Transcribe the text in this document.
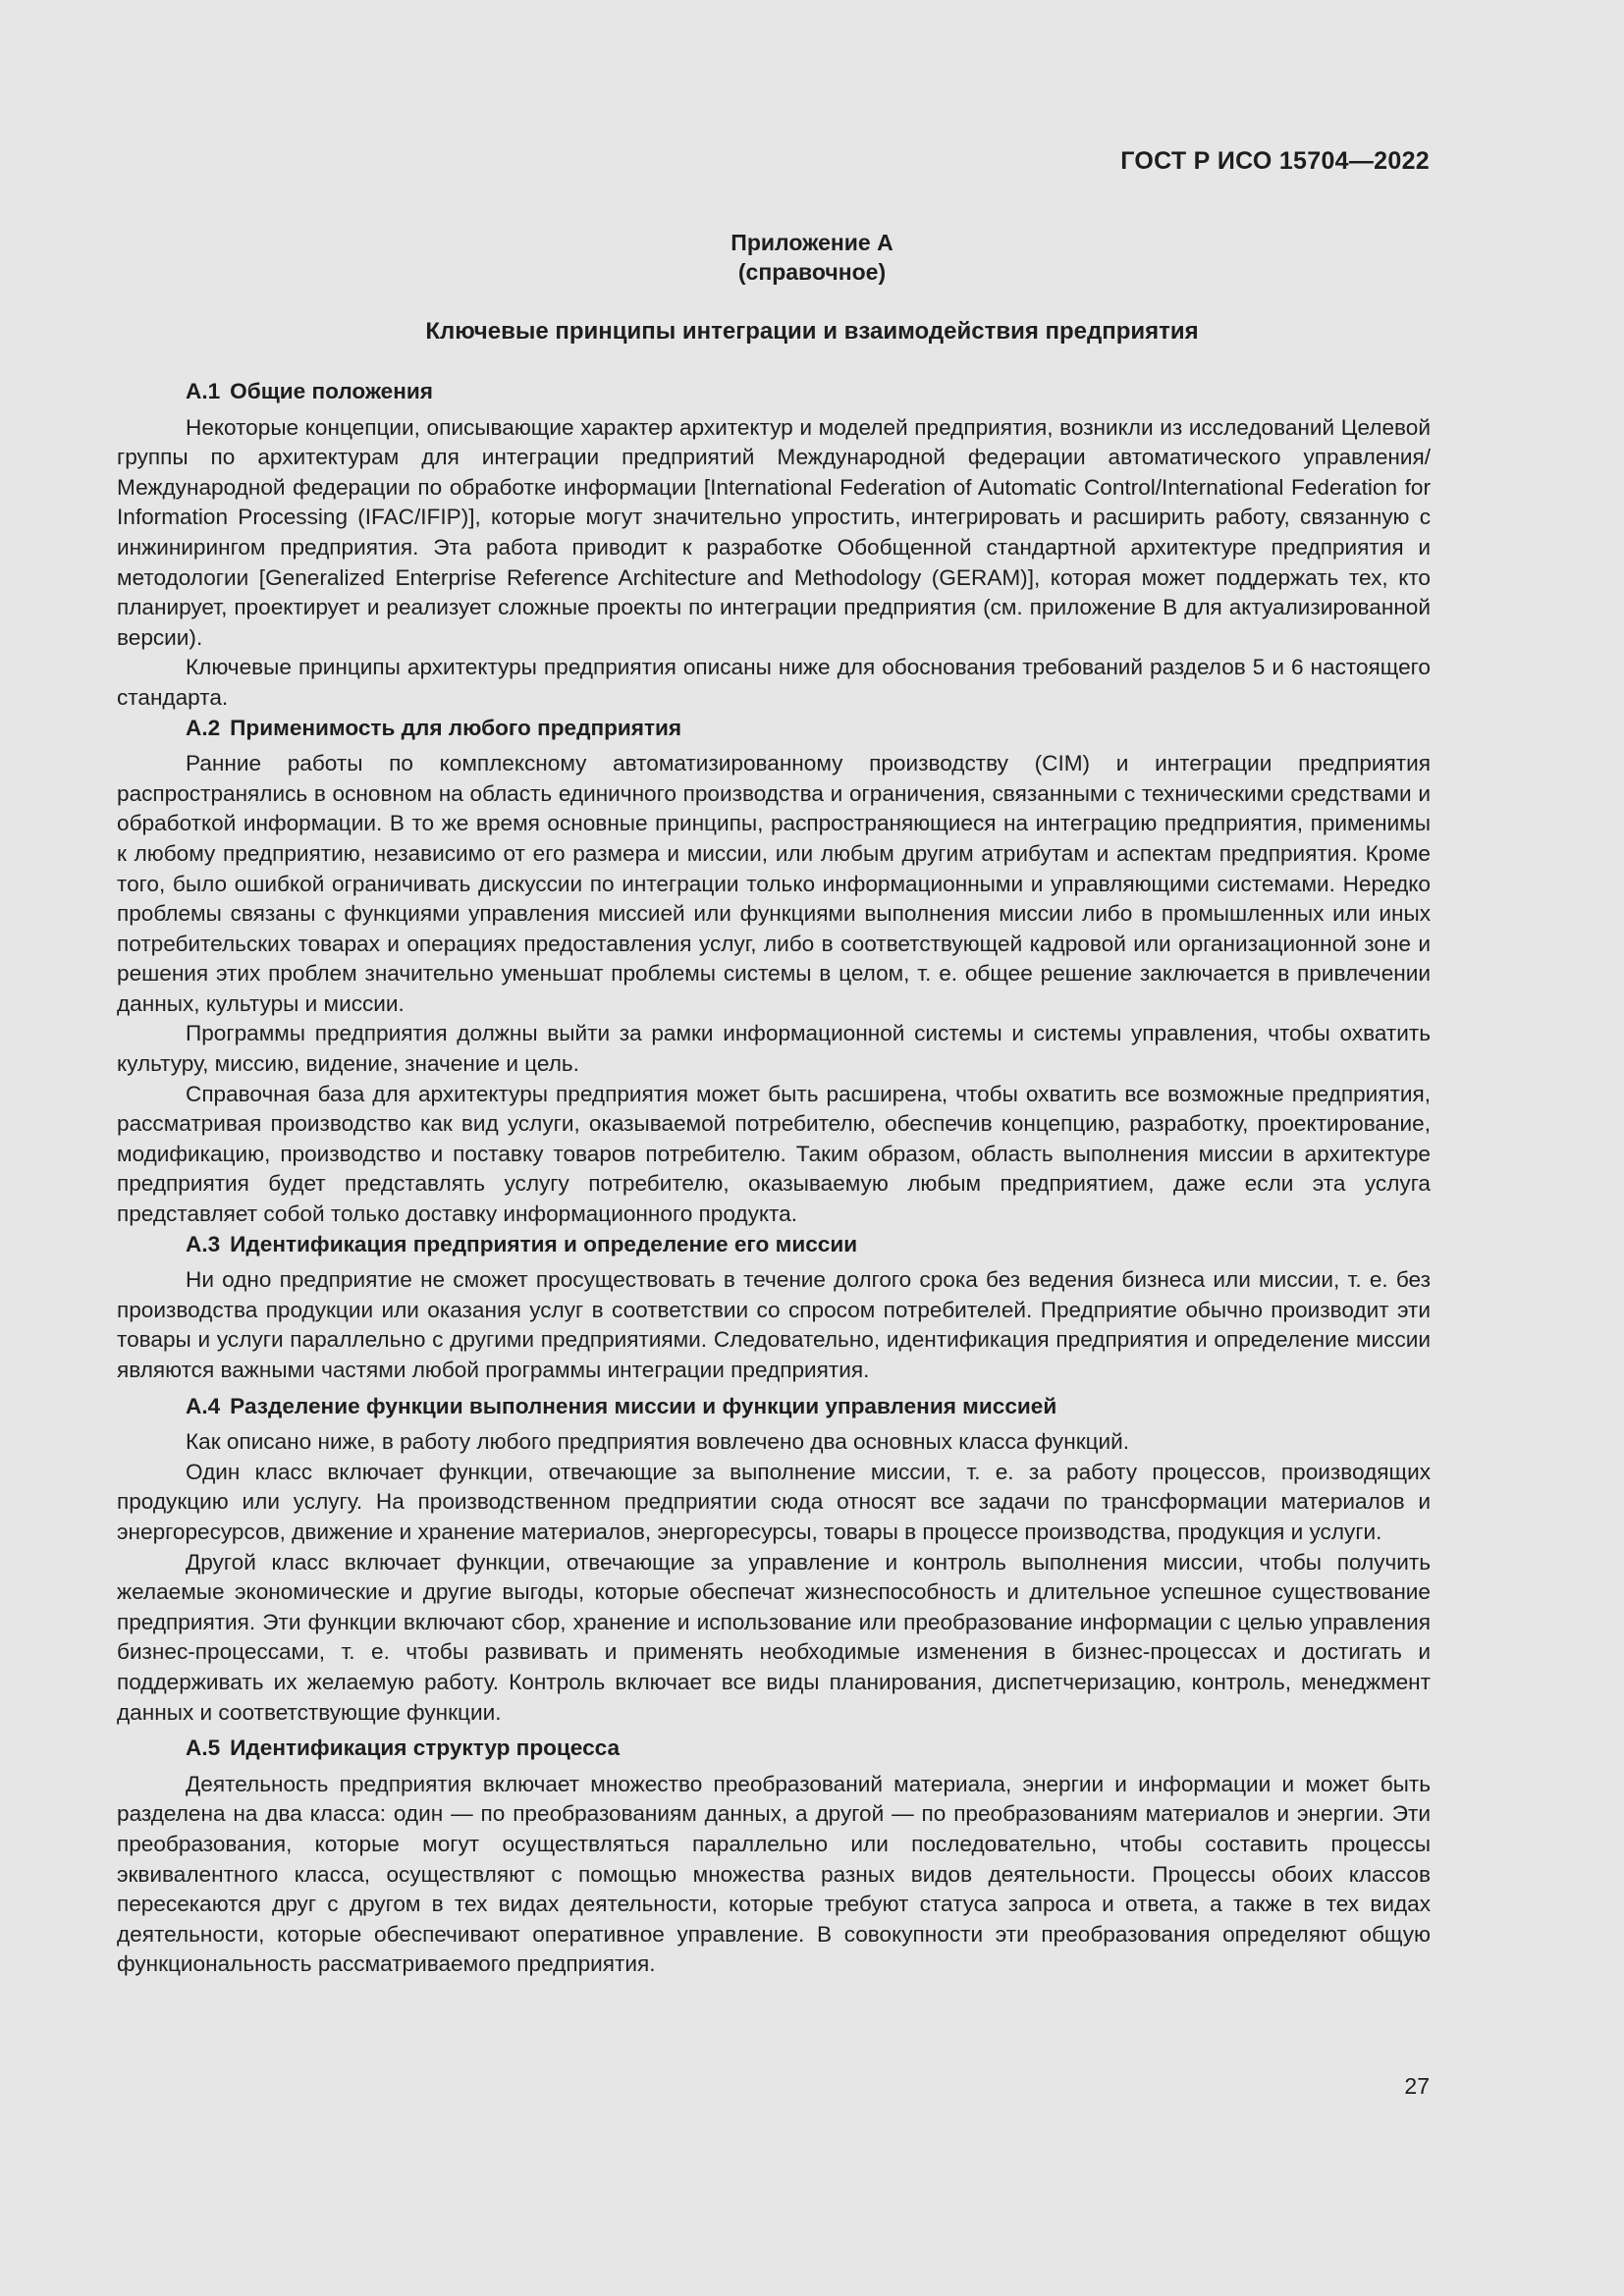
ГОСТ Р ИСО 15704—2022
Приложение А
(справочное)
Ключевые принципы интеграции и взаимодействия предприятия

А.1 Общие положения

Некоторые концепции, описывающие характер архитектур и моделей предприятия, возникли из исследований Целевой группы по архитектурам для интеграции предприятий Международной федерации автоматического управления/Международной федерации по обработке информации [International Federation of Automatic Control/International Federation for Information Processing (IFAC/IFIP)], которые могут значительно упростить, интегрировать и расширить работу, связанную с инжинирингом предприятия. Эта работа приводит к разработке Обобщенной стандартной архитектуре предприятия и методологии [Generalized Enterprise Reference Architecture and Methodology (GERAM)], которая может поддержать тех, кто планирует, проектирует и реализует сложные проекты по интеграции предприятия (см. приложение В для актуализированной версии).

Ключевые принципы архитектуры предприятия описаны ниже для обоснования требований разделов 5 и 6 настоящего стандарта.

А.2 Применимость для любого предприятия

Ранние работы по комплексному автоматизированному производству (CIM) и интеграции предприятия распространялись в основном на область единичного производства и ограничения, связанными с техническими средствами и обработкой информации. В то же время основные принципы, распространяющиеся на интеграцию предприятия, применимы к любому предприятию, независимо от его размера и миссии, или любым другим атрибутам и аспектам предприятия. Кроме того, было ошибкой ограничивать дискуссии по интеграции только информационными и управляющими системами. Нередко проблемы связаны с функциями управления миссией или функциями выполнения миссии либо в промышленных или иных потребительских товарах и операциях предоставления услуг, либо в соответствующей кадровой или организационной зоне и решения этих проблем значительно уменьшат проблемы системы в целом, т. е. общее решение заключается в привлечении данных, культуры и миссии.

Программы предприятия должны выйти за рамки информационной системы и системы управления, чтобы охватить культуру, миссию, видение, значение и цель.

Справочная база для архитектуры предприятия может быть расширена, чтобы охватить все возможные предприятия, рассматривая производство как вид услуги, оказываемой потребителю, обеспечив концепцию, разработку, проектирование, модификацию, производство и поставку товаров потребителю. Таким образом, область выполнения миссии в архитектуре предприятия будет представлять услугу потребителю, оказываемую любым предприятием, даже если эта услуга представляет собой только доставку информационного продукта.

А.3 Идентификация предприятия и определение его миссии

Ни одно предприятие не сможет просуществовать в течение долгого срока без ведения бизнеса или миссии, т. е. без производства продукции или оказания услуг в соответствии со спросом потребителей. Предприятие обычно производит эти товары и услуги параллельно с другими предприятиями. Следовательно, идентификация предприятия и определение миссии являются важными частями любой программы интеграции предприятия.

А.4 Разделение функции выполнения миссии и функции управления миссией

Как описано ниже, в работу любого предприятия вовлечено два основных класса функций.

Один класс включает функции, отвечающие за выполнение миссии, т. е. за работу процессов, производящих продукцию или услугу. На производственном предприятии сюда относят все задачи по трансформации материалов и энергоресурсов, движение и хранение материалов, энергоресурсы, товары в процессе производства, продукция и услуги.

Другой класс включает функции, отвечающие за управление и контроль выполнения миссии, чтобы получить желаемые экономические и другие выгоды, которые обеспечат жизнеспособность и длительное успешное существование предприятия. Эти функции включают сбор, хранение и использование или преобразование информации с целью управления бизнес-процессами, т. е. чтобы развивать и применять необходимые изменения в бизнес-процессах и достигать и поддерживать их желаемую работу. Контроль включает все виды планирования, диспетчеризацию, контроль, менеджмент данных и соответствующие функции.

А.5 Идентификация структур процесса

Деятельность предприятия включает множество преобразований материала, энергии и информации и может быть разделена на два класса: один — по преобразованиям данных, а другой — по преобразованиям материалов и энергии. Эти преобразования, которые могут осуществляться параллельно или последовательно, чтобы составить процессы эквивалентного класса, осуществляют с помощью множества разных видов деятельности. Процессы обоих классов пересекаются друг с другом в тех видах деятельности, которые требуют статуса запроса и ответа, а также в тех видах деятельности, которые обеспечивают оперативное управление. В совокупности эти преобразования определяют общую функциональность рассматриваемого предприятия.

27
